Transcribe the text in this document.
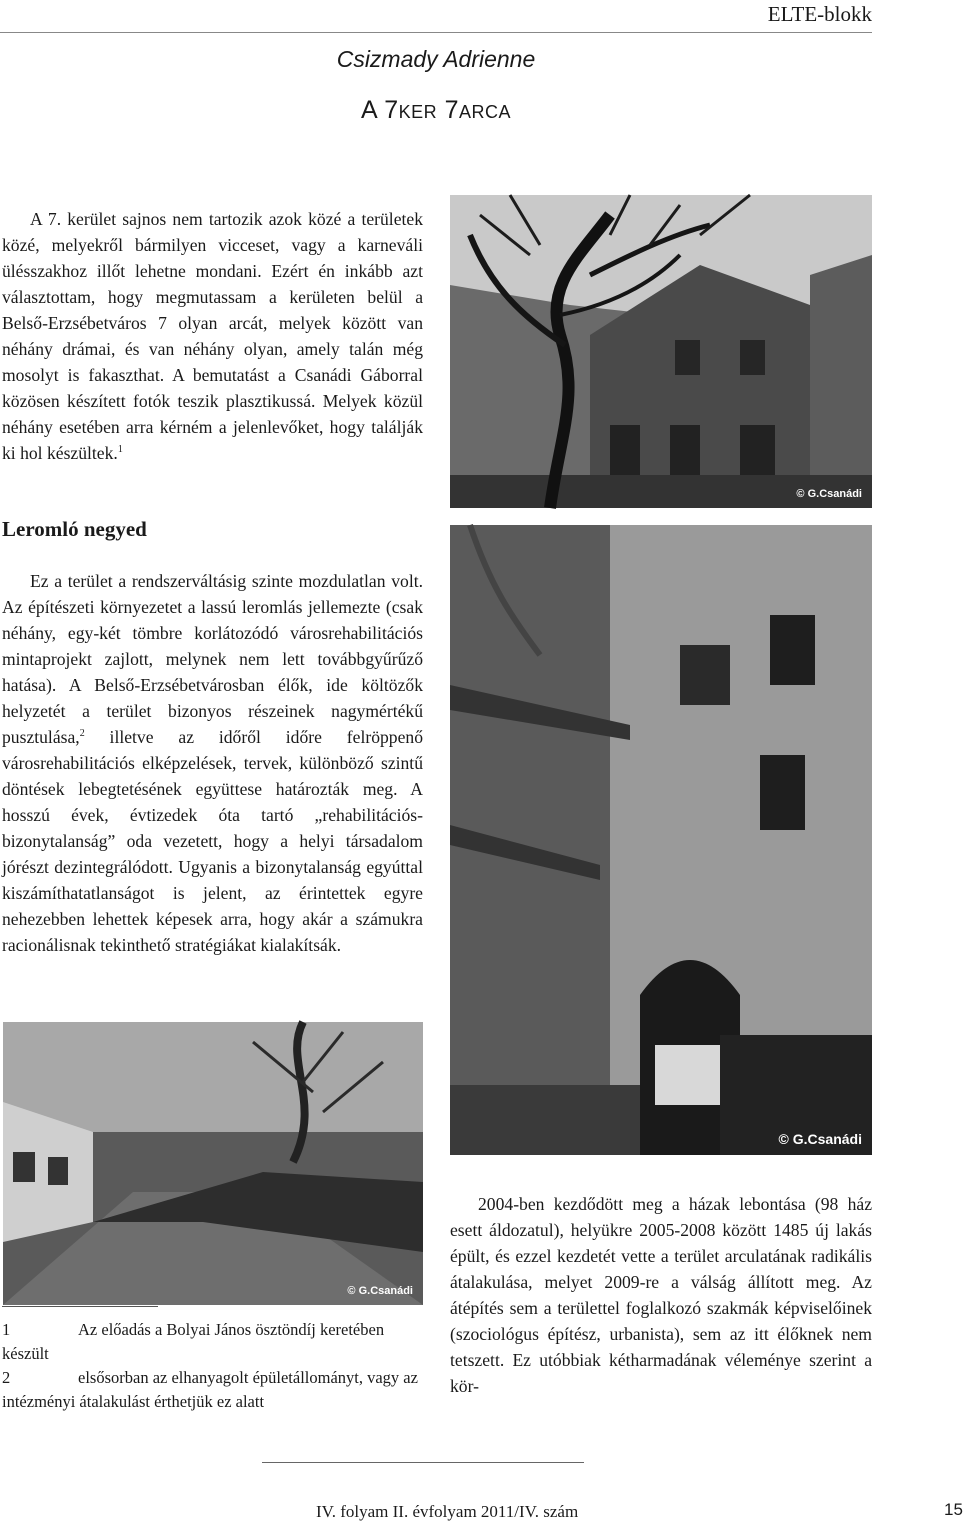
ELTE-blokk
Csizmady Adrienne
A 7KER 7ARCA

A 7. kerület sajnos nem tartozik azok közé a területek közé, melyekről bármilyen vicceset, vagy a karneváli ülésszakhoz illőt lehetne mondani. Ezért én inkább azt választottam, hogy megmutassam a kerületen belül a Belső-Erzsébetváros 7 olyan arcát, melyek között van néhány drámai, és van néhány olyan, amely talán még mosolyt is fakaszthat. A bemutatást a Csanádi Gáborral közösen készített fotók teszik plasztikussá. Melyek közül néhány esetében arra kérném a jelenlevőket, hogy találják ki hol készültek.$^1$

Leromló negyed

Ez a terület a rendszerváltásig szinte mozdulatlan volt. Az építészeti környezetet a lassú leromlás jellemezte (csak néhány, egy-két tömbre korlátozódó városrehabilitációs mintaprojekt zajlott, melynek nem lett továbbgyűrűző hatása). A Belső-Erzsébetvárosban élők, ide költözők helyzetét a terület bizonyos részeinek nagymértékű pusztulása,$^2$ illetve az időről időre felröppenő városrehabilitációs elképzelések, tervek, különböző szintű döntések lebegtetésének együttese határozták meg. A hosszú évek, évtizedek óta tartó „rehabilitációs-bizonytalanság” oda vezetett, hogy a helyi társadalom jórészt dezintegrálódott. Ugyanis a bizonytalanság egyúttal kiszámíthatatlanságot is jelent, az érintettek egyre nehezebben lehettek képesek arra, hogy akár a számukra racionálisnak tekinthető stratégiákat kialakítsák.

© G.Csanádi
© G.Csanádi
© G.Csanádi

2004-ben kezdődött meg a házak lebontása (98 ház esett áldozatul), helyükre 2005-2008 között 1485 új lakás épült, és ezzel kezdetét vette a terület arculatának radikális átalakulása, melyet 2009-re a válság állított meg. Az átépítés sem a területtel foglalkozó szakmák képviselőinek (szociológus építész, urbanista), sem az itt élőknek nem tetszett. Ez utóbbiak kétharmadának véleménye szerint a kör-

1	Az előadás a Bolyai János ösztöndíj keretében készült

2	elsősorban az elhanyagolt épületállományt, vagy az intézményi átalakulást érthetjük ez alatt

IV. folyam II. évfolyam 2011/IV. szám	15
